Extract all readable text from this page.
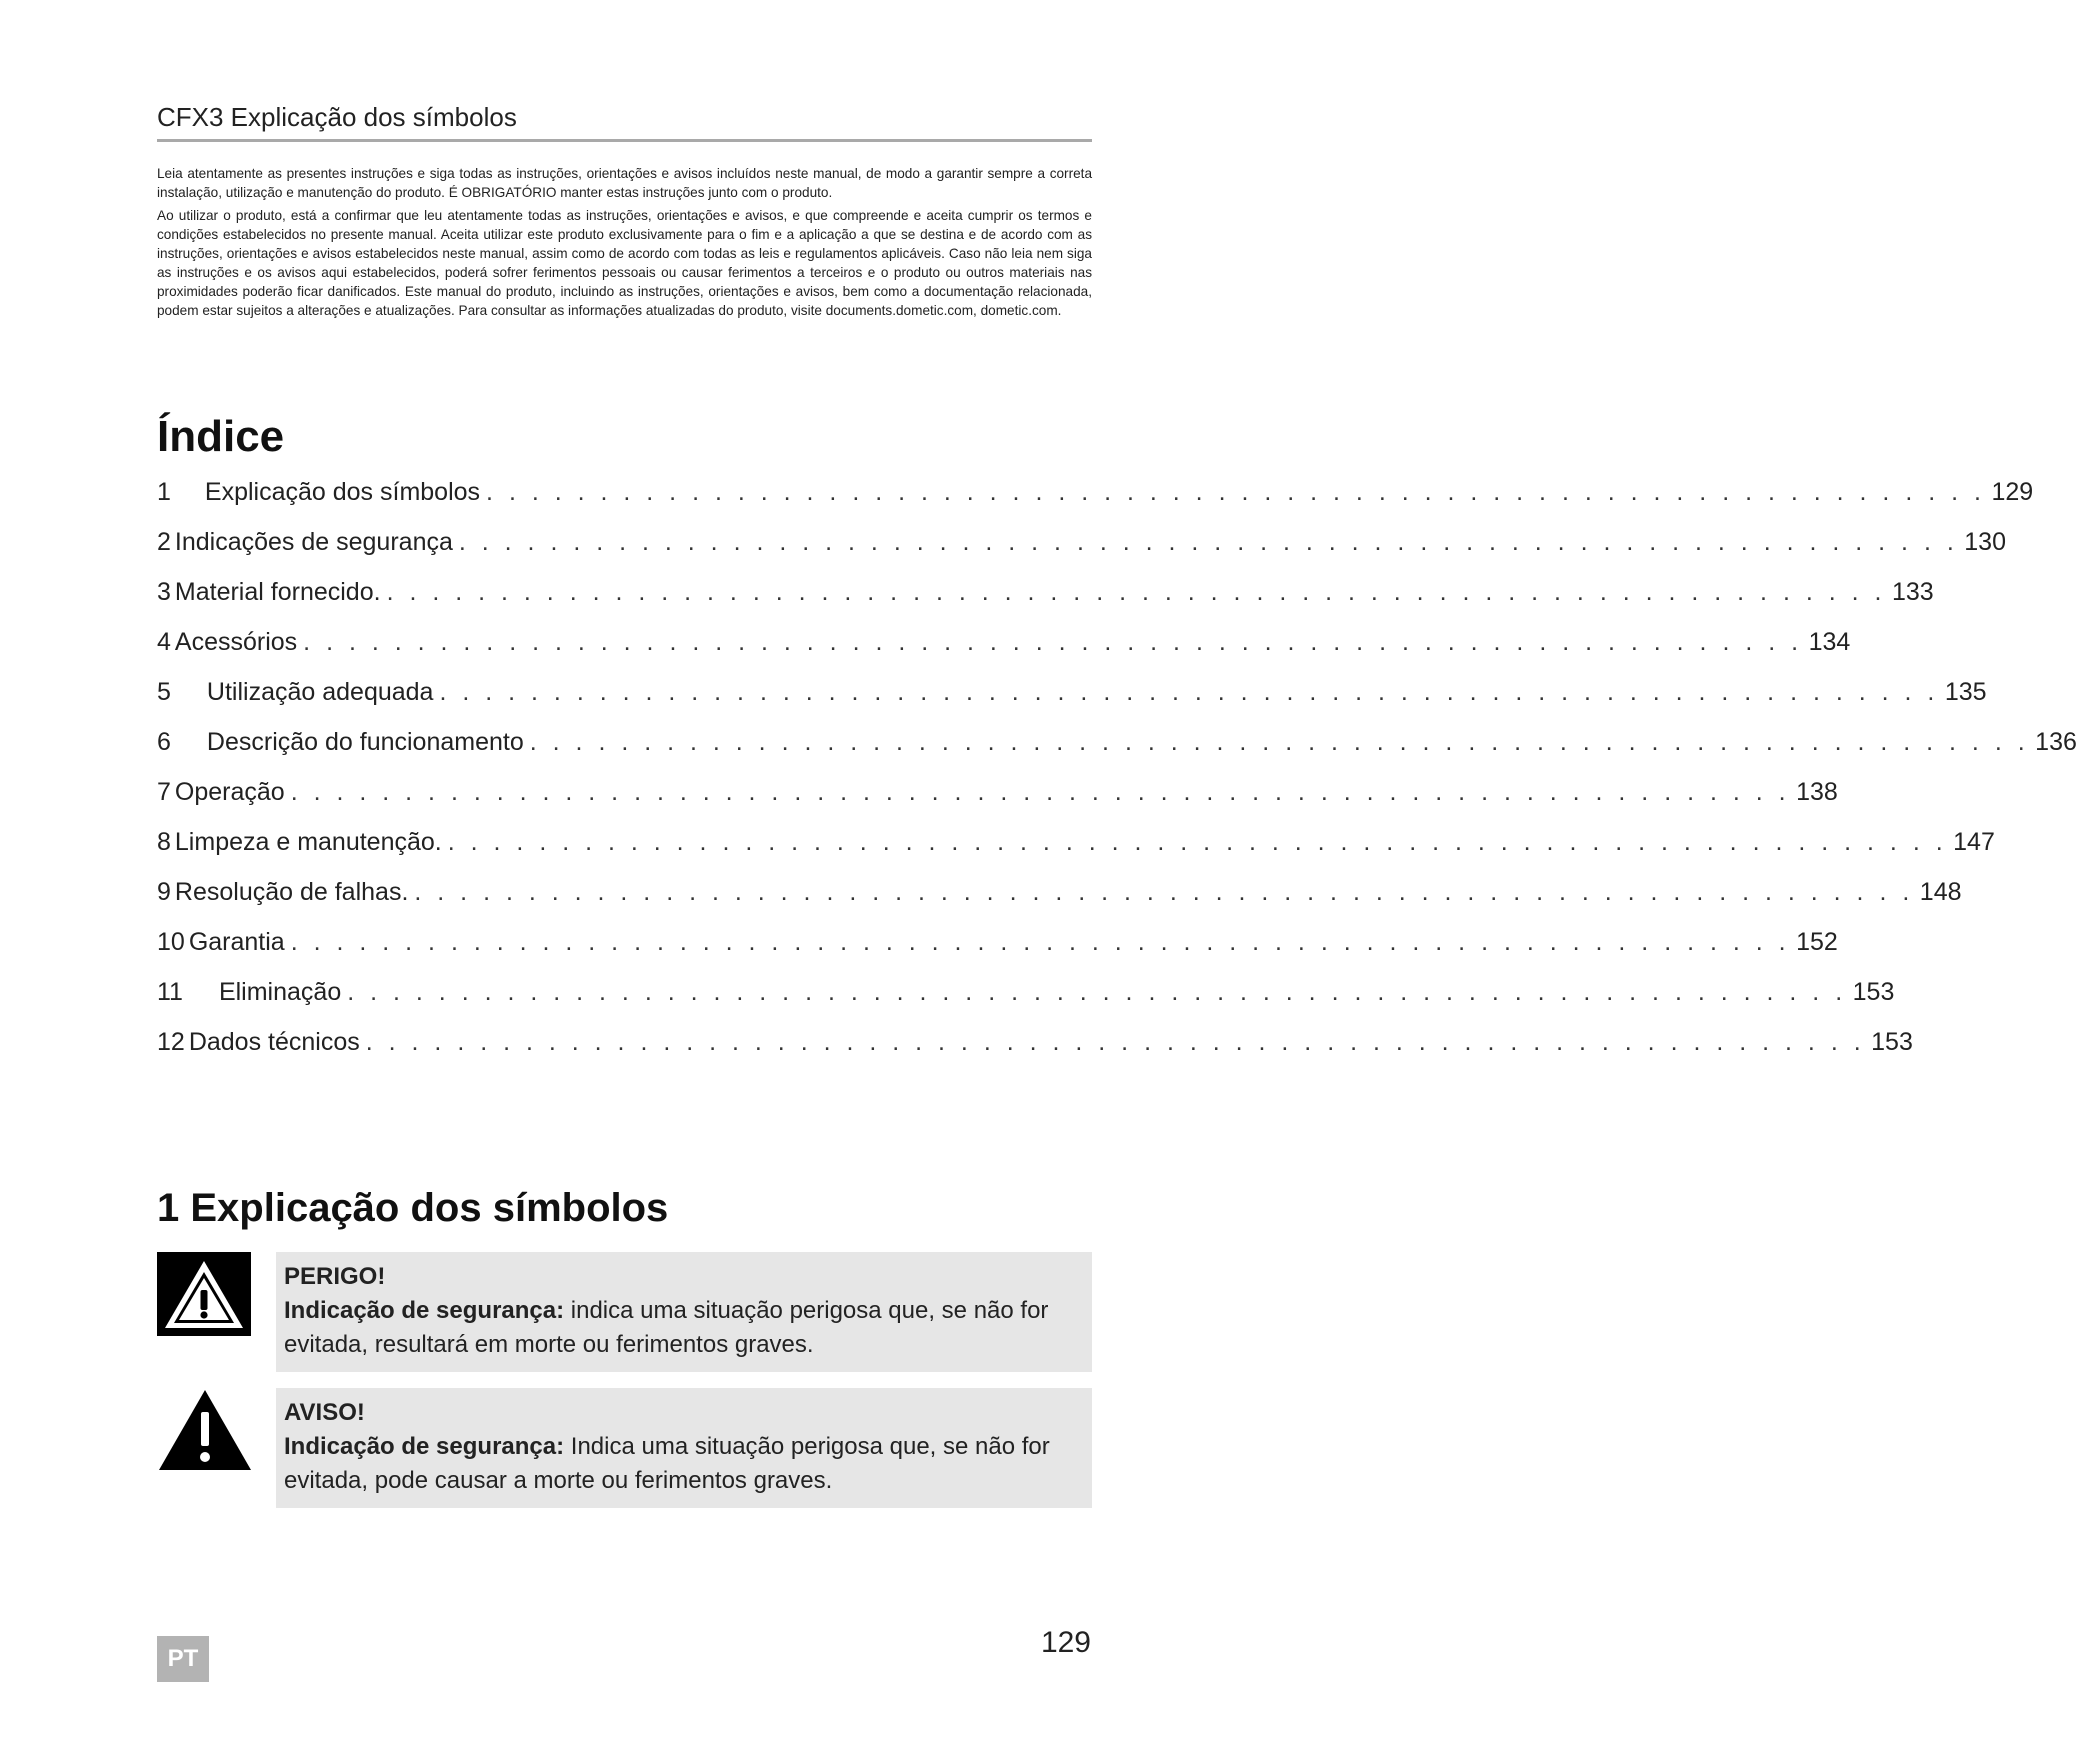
CFX3 Explicação dos símbolos

Leia atentamente as presentes instruções e siga todas as instruções, orientações e avisos incluídos neste manual, de modo a garantir sempre a correta instalação, utilização e manutenção do produto. É OBRIGATÓRIO manter estas instruções junto com o produto.

Ao utilizar o produto, está a confirmar que leu atentamente todas as instruções, orientações e avisos, e que compreende e aceita cumprir os termos e condições estabelecidos no presente manual. Aceita utilizar este produto exclusivamente para o fim e a aplicação a que se destina e de acordo com as instruções, orientações e avisos estabelecidos neste manual, assim como de acordo com todas as leis e regulamentos aplicáveis. Caso não leia nem siga as instruções e os avisos aqui estabelecidos, poderá sofrer ferimentos pessoais ou causar ferimentos a terceiros e o produto ou outros materiais nas proximidades poderão ficar danificados. Este manual do produto, incluindo as instruções, orientações e avisos, bem como a documentação relacionada, podem estar sujeitos a alterações e atualizações. Para consultar as informações atualizadas do produto, visite documents.dometic.com, dometic.com.

Índice
1	Explicação dos símbolos . . . . . . . . . . . . . . . . . . . . . . . . . . . . . . . . . . . . . . . . . . . . . . . . . . . . . . . . . . . . . . . . . . 129
2 Indicações de segurança . . . . . . . . . . . . . . . . . . . . . . . . . . . . . . . . . . . . . . . . . . . . . . . . . . . . . . . . . . . . . . . . . . 130
3 Material fornecido. . . . . . . . . . . . . . . . . . . . . . . . . . . . . . . . . . . . . . . . . . . . . . . . . . . . . . . . . . . . . . . . . . . 133
4 Acessórios . . . . . . . . . . . . . . . . . . . . . . . . . . . . . . . . . . . . . . . . . . . . . . . . . . . . . . . . . . . . . . . . . . 134
5	Utilização adequada . . . . . . . . . . . . . . . . . . . . . . . . . . . . . . . . . . . . . . . . . . . . . . . . . . . . . . . . . . . . . . . . . . 135
6	Descrição do funcionamento . . . . . . . . . . . . . . . . . . . . . . . . . . . . . . . . . . . . . . . . . . . . . . . . . . . . . . . . . . . . . . . . . . 136
7 Operação . . . . . . . . . . . . . . . . . . . . . . . . . . . . . . . . . . . . . . . . . . . . . . . . . . . . . . . . . . . . . . . . . . 138
8 Limpeza e manutenção. . . . . . . . . . . . . . . . . . . . . . . . . . . . . . . . . . . . . . . . . . . . . . . . . . . . . . . . . . . . . . . . . . . 147
9 Resolução de falhas. . . . . . . . . . . . . . . . . . . . . . . . . . . . . . . . . . . . . . . . . . . . . . . . . . . . . . . . . . . . . . . . . . . 148
10 Garantia . . . . . . . . . . . . . . . . . . . . . . . . . . . . . . . . . . . . . . . . . . . . . . . . . . . . . . . . . . . . . . . . . . 152
11	Eliminação . . . . . . . . . . . . . . . . . . . . . . . . . . . . . . . . . . . . . . . . . . . . . . . . . . . . . . . . . . . . . . . . . . 153
12 Dados técnicos . . . . . . . . . . . . . . . . . . . . . . . . . . . . . . . . . . . . . . . . . . . . . . . . . . . . . . . . . . . . . . . . . . 153
1 Explicação dos símbolos
PERIGO!
Indicação de segurança: indica uma situação perigosa que, se não for evitada, resultará em morte ou ferimentos graves.
AVISO!
Indicação de segurança: Indica uma situação perigosa que, se não for evitada, pode causar a morte ou ferimentos graves.
PT	129
